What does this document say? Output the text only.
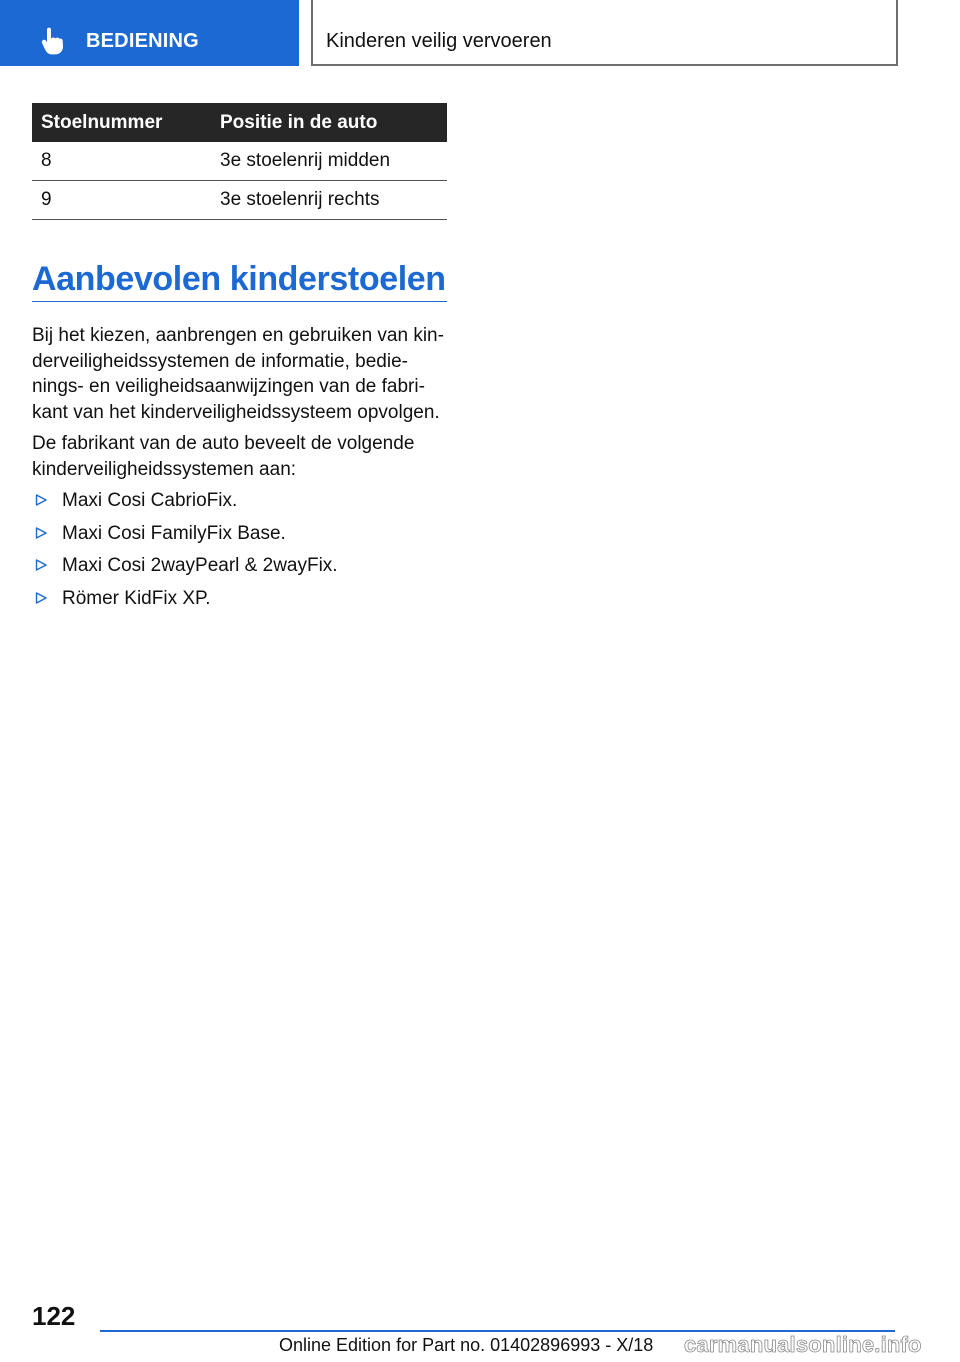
BEDIENING	Kinderen veilig vervoeren
Stoelnummer	Positie in de auto
8	3e stoelenrij midden
9	3e stoelenrij rechts
Aanbevolen kinderstoelen

Bij het kiezen, aanbrengen en gebruiken van kin‐
derveiligheidssystemen de informatie, bedie‐
nings- en veiligheidsaanwijzingen van de fabri‐
kant van het kinderveiligheidssysteem opvolgen.

De fabrikant van de auto beveelt de volgende
kinderveiligheidssystemen aan:

Maxi Cosi CabrioFix.
Maxi Cosi FamilyFix Base.
Maxi Cosi 2wayPearl & 2wayFix.
Römer KidFix XP.
122
Online Edition for Part no. 01402896993 - X/18 carmanualsonline.info
